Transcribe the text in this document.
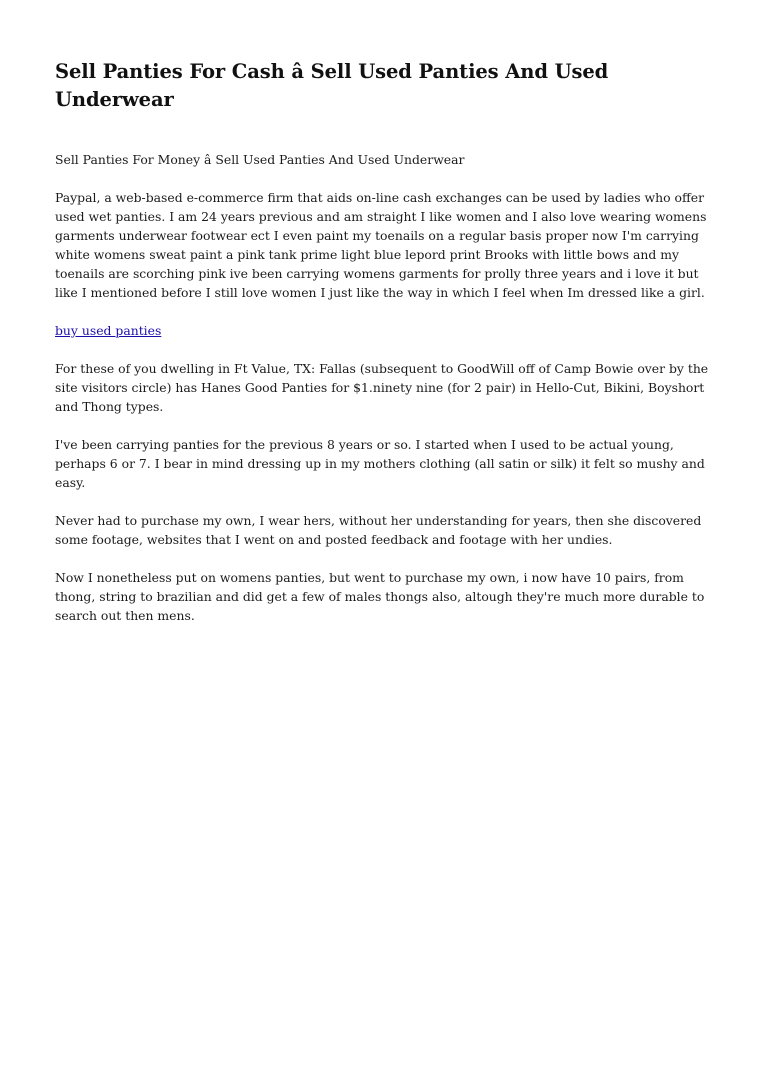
Sell Panties For Cash â Sell Used Panties And Used Underwear

Sell Panties For Money â Sell Used Panties And Used Underwear

Paypal, a web-based e-commerce firm that aids on-line cash exchanges can be used by ladies who offer used wet panties. I am 24 years previous and am straight I like women and I also love wearing womens garments underwear footwear ect I even paint my toenails on a regular basis proper now I'm carrying white womens sweat paint a pink tank prime light blue lepord print Brooks with little bows and my toenails are scorching pink ive been carrying womens garments for prolly three years and i love it but like I mentioned before I still love women I just like the way in which I feel when Im dressed like a girl.

buy used panties

For these of you dwelling in Ft Value, TX: Fallas (subsequent to GoodWill off of Camp Bowie over by the site visitors circle) has Hanes Good Panties for $1.ninety nine (for 2 pair) in Hello-Cut, Bikini, Boyshort and Thong types.

I've been carrying panties for the previous 8 years or so. I started when I used to be actual young, perhaps 6 or 7. I bear in mind dressing up in my mothers clothing (all satin or silk) it felt so mushy and easy.

Never had to purchase my own, I wear hers, without her understanding for years, then she discovered some footage, websites that I went on and posted feedback and footage with her undies.

Now I nonetheless put on womens panties, but went to purchase my own, i now have 10 pairs, from thong, string to brazilian and did get a few of males thongs also, altough they're much more durable to search out then mens.
